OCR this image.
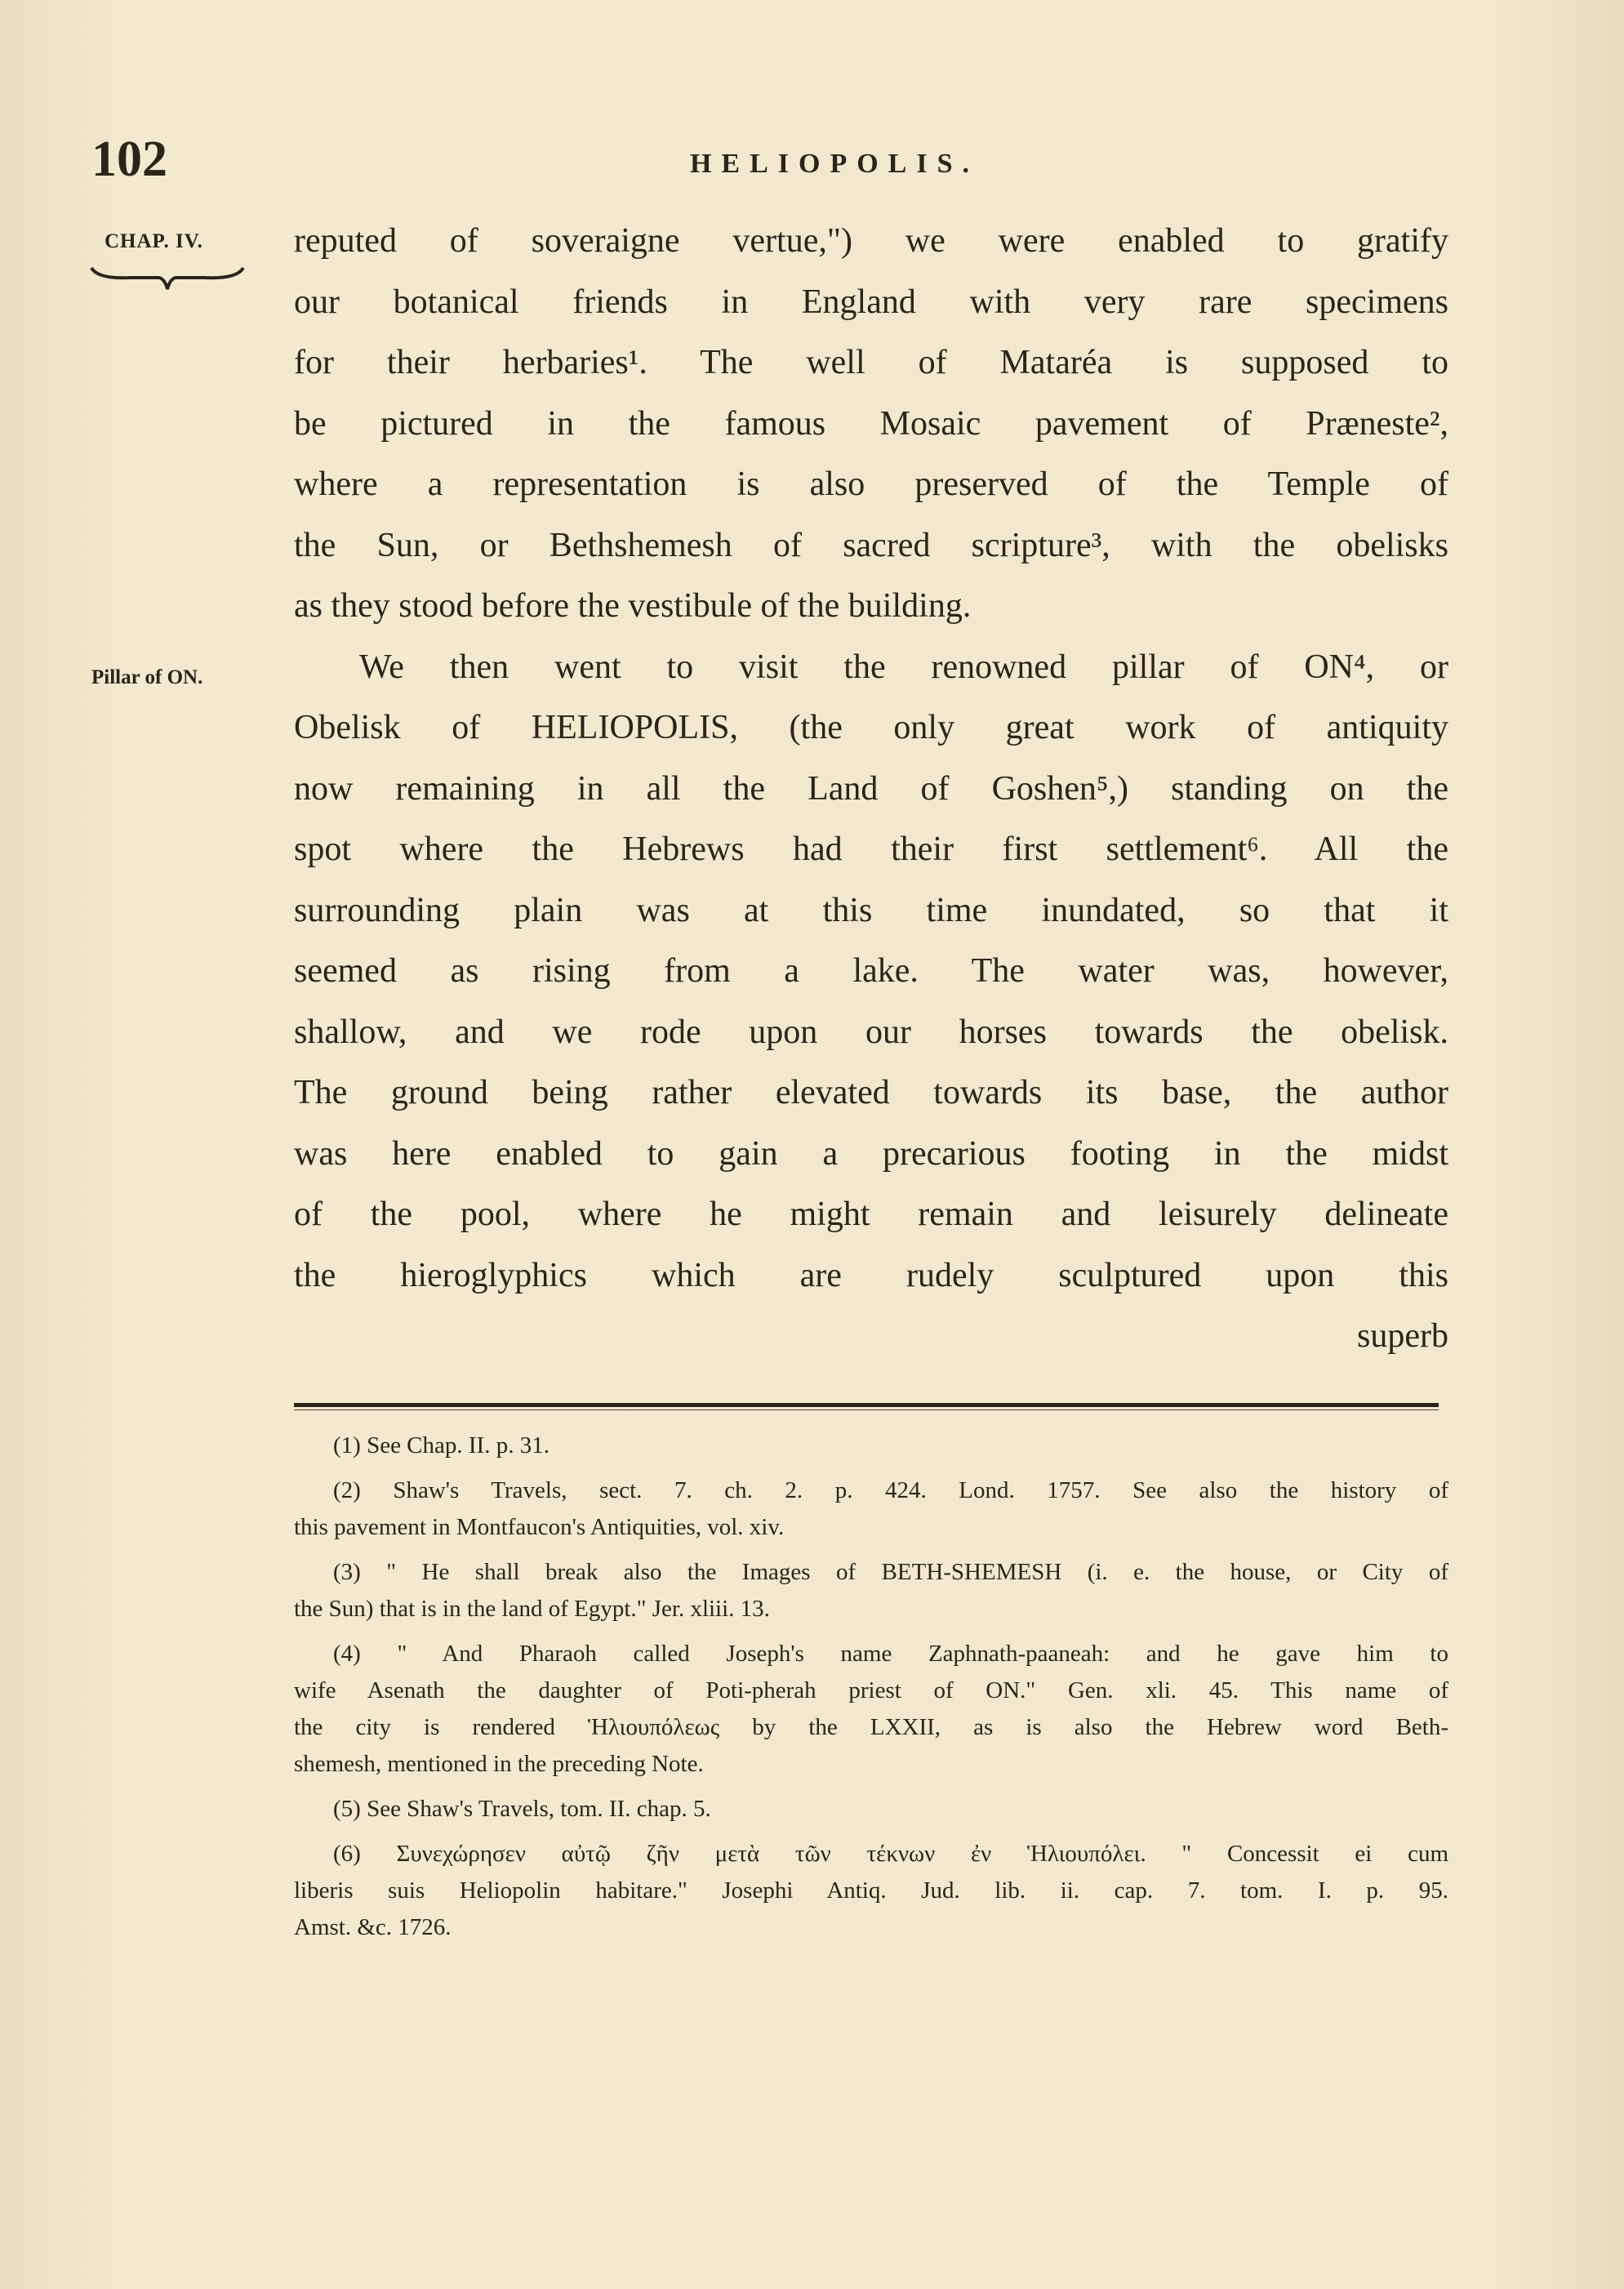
102	HELIOPOLIS.
CHAP. IV.
Pillar of ON.
reputed of soveraigne vertue,") we were enabled to gratify
our botanical friends in England with very rare specimens
for their herbaries¹. The well of Mataréa is supposed to
be pictured in the famous Mosaic pavement of Præneste²,
where a representation is also preserved of the Temple of
the Sun, or Bethshemesh of sacred scripture³, with the obelisks
as they stood before the vestibule of the building.
We then went to visit the renowned pillar of ON⁴, or
Obelisk of HELIOPOLIS, (the only great work of antiquity
now remaining in all the Land of Goshen⁵,) standing on the
spot where the Hebrews had their first settlement⁶. All the
surrounding plain was at this time inundated, so that it
seemed as rising from a lake. The water was, however,
shallow, and we rode upon our horses towards the obelisk.
The ground being rather elevated towards its base, the author
was here enabled to gain a precarious footing in the midst
of the pool, where he might remain and leisurely delineate
the hieroglyphics which are rudely sculptured upon this
superb
(1) See Chap. II. p. 31.
(2) Shaw's Travels, sect. 7. ch. 2. p. 424. Lond. 1757. See also the history of
this pavement in Montfaucon's Antiquities, vol. xiv.
(3) " He shall break also the Images of BETH-SHEMESH (i. e. the house, or City of
the Sun) that is in the land of Egypt." Jer. xliii. 13.
(4) " And Pharaoh called Joseph's name Zaphnath-paaneah: and he gave him to
wife Asenath the daughter of Poti-pherah priest of ON." Gen. xli. 45. This name of
the city is rendered Ἡλιουπόλεως by the LXXII, as is also the Hebrew word Beth-
shemesh, mentioned in the preceding Note.
(5) See Shaw's Travels, tom. II. chap. 5.
(6) Συνεχώρησεν αὐτῷ ζῆν μετὰ τῶν τέκνων ἐν Ἡλιουπόλει. " Concessit ei cum
liberis suis Heliopolin habitare." Josephi Antiq. Jud. lib. ii. cap. 7. tom. I. p. 95.
Amst. &c. 1726.
